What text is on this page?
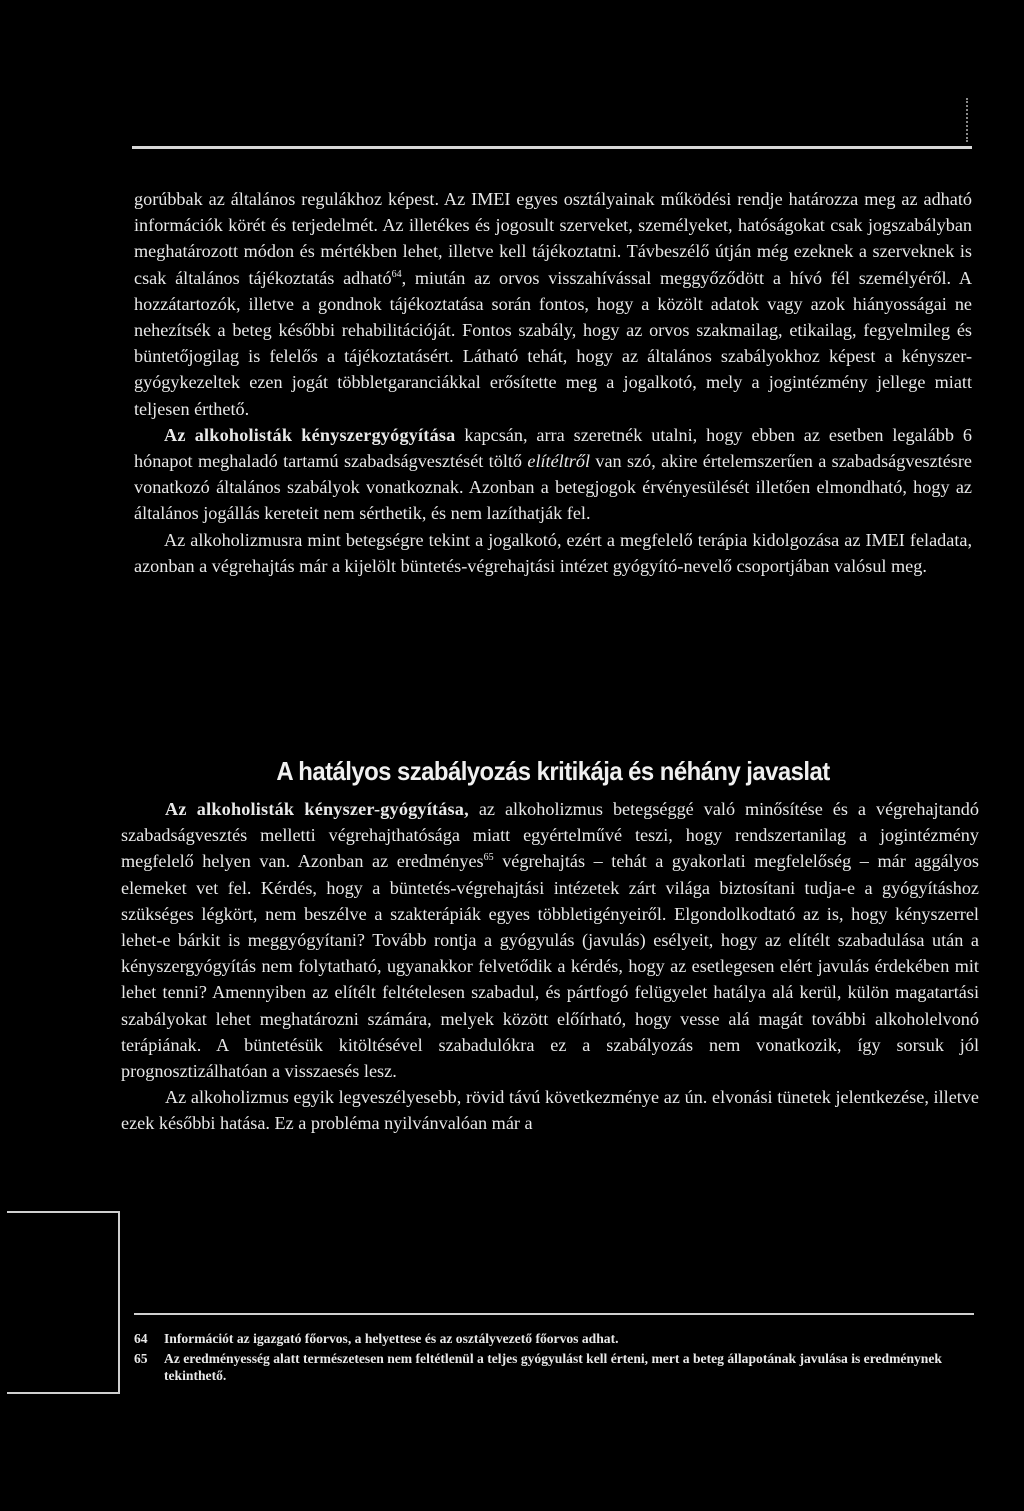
gorúbbak az általános regulákhoz képest. Az IMEI egyes osztályainak működési rendje határozza meg az adható információk körét és terjedelmét. Az illetékes és jogosult szerveket, személyeket, hatóságokat csak jogszabályban meghatározott módon és mértékben lehet, illetve kell tájékoztatni. Távbeszélő útján még ezeknek a szerveknek is csak általános tájékoztatás adható$^{64}$, miután az orvos visszahívással meggyőződött a hívó fél személyéről. A hozzátartozók, illetve a gondnok tájékoztatása során fontos, hogy a közölt adatok vagy azok hiányosságai ne nehezítsék a beteg későbbi rehabilitációját. Fontos szabály, hogy az orvos szakmailag, etikailag, fegyelmileg és büntetőjogilag is felelős a tájékoztatásért. Látható tehát, hogy az általános szabályokhoz képest a kényszer-gyógykezeltek ezen jogát többletgaranciákkal erősítette meg a jogalkotó, mely a jogintézmény jellege miatt teljesen érthető.

Az alkoholisták kényszergyógyítása kapcsán, arra szeretnék utalni, hogy ebben az esetben legalább 6 hónapot meghaladó tartamú szabadságvesztését töltő elítéltről van szó, akire értelemszerűen a szabadságvesztésre vonatkozó általános szabályok vonatkoznak. Azonban a betegjogok érvényesülését illetően elmondható, hogy az általános jogállás kereteit nem sérthetik, és nem lazíthatják fel.

Az alkoholizmusra mint betegségre tekint a jogalkotó, ezért a megfelelő terápia kidolgozása az IMEI feladata, azonban a végrehajtás már a kijelölt büntetés-végrehajtási intézet gyógyító-nevelő csoportjában valósul meg.

A hatályos szabályozás kritikája és néhány javaslat

Az alkoholisták kényszer-gyógyítása, az alkoholizmus betegséggé való minősítése és a végrehajtandó szabadságvesztés melletti végrehajthatósága miatt egyértelművé teszi, hogy rendszertanilag a jogintézmény megfelelő helyen van. Azonban az eredményes$^{65}$ végrehajtás – tehát a gyakorlati megfelelőség – már aggályos elemeket vet fel. Kérdés, hogy a büntetés-végrehajtási intézetek zárt világa biztosítani tudja-e a gyógyításhoz szükséges légkört, nem beszélve a szakterápiák egyes többletigényeiről. Elgondolkodtató az is, hogy kényszerrel lehet-e bárkit is meggyógyítani? Tovább rontja a gyógyulás (javulás) esélyeit, hogy az elítélt szabadulása után a kényszergyógyítás nem folytatható, ugyanakkor felvetődik a kérdés, hogy az esetlegesen elért javulás érdekében mit lehet tenni? Amennyiben az elítélt feltételesen szabadul, és pártfogó felügyelet hatálya alá kerül, külön magatartási szabályokat lehet meghatározni számára, melyek között előírható, hogy vesse alá magát további alkoholelvonó terápiának. A büntetésük kitöltésével szabadulókra ez a szabályozás nem vonatkozik, így sorsuk jól prognosztizálhatóan a visszaesés lesz.

Az alkoholizmus egyik legveszélyesebb, rövid távú következménye az ún. elvonási tünetek jelentkezése, illetve ezek későbbi hatása. Ez a probléma nyilvánvalóan már a

64	Információt az igazgató főorvos, a helyettese és az osztályvezető főorvos adhat.
65	Az eredményesség alatt természetesen nem feltétlenül a teljes gyógyulást kell érteni, mert a beteg állapotának javulása is eredménynek tekinthető.
